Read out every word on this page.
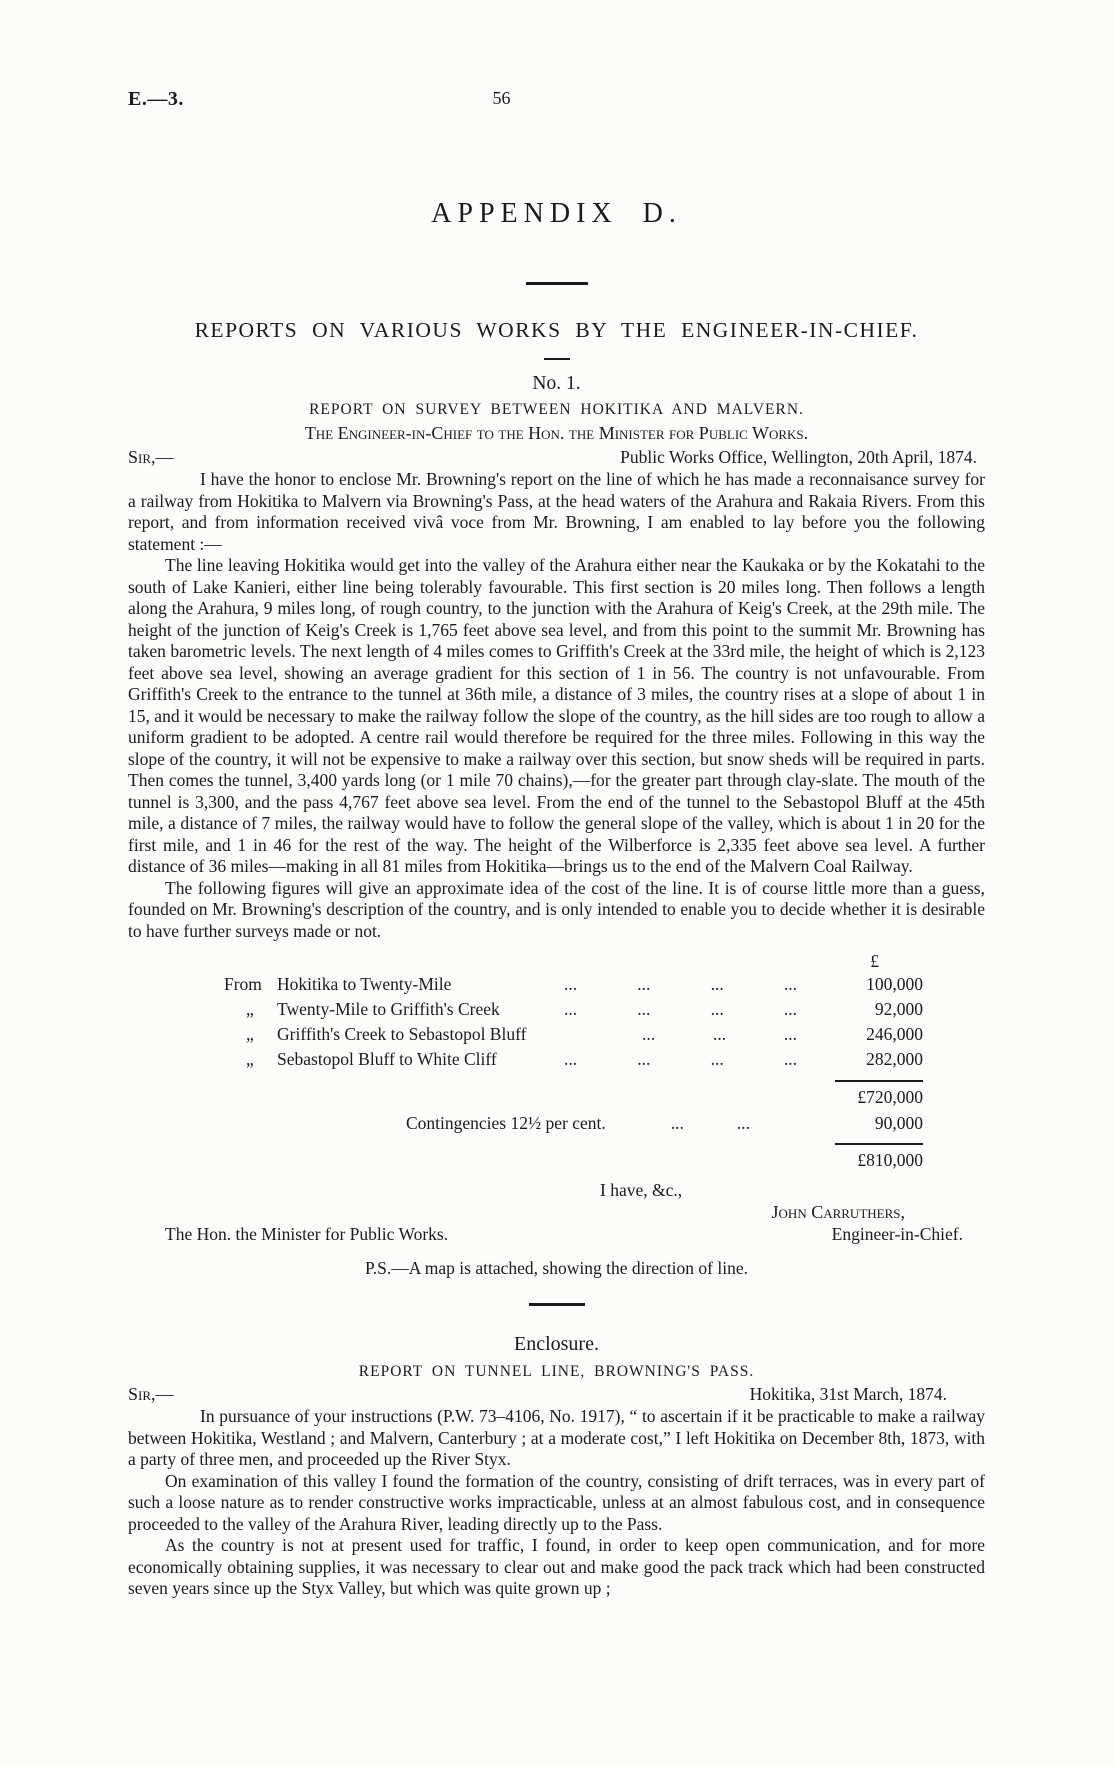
E.—3.	56
APPENDIX D.
REPORTS ON VARIOUS WORKS BY THE ENGINEER-IN-CHIEF.
No. 1.
REPORT ON SURVEY BETWEEN HOKITIKA AND MALVERN.
The Engineer-in-Chief to the Hon. the Minister for Public Works.
Sir,—	Public Works Office, Wellington, 20th April, 1874.

I have the honor to enclose Mr. Browning's report on the line of which he has made a reconnaisance survey for a railway from Hokitika to Malvern via Browning's Pass, at the head waters of the Arahura and Rakaia Rivers. From this report, and from information received vivâ voce from Mr. Browning, I am enabled to lay before you the following statement :—

The line leaving Hokitika would get into the valley of the Arahura either near the Kaukaka or by the Kokatahi to the south of Lake Kanieri, either line being tolerably favourable. This first section is 20 miles long. Then follows a length along the Arahura, 9 miles long, of rough country, to the junction with the Arahura of Keig's Creek, at the 29th mile. The height of the junction of Keig's Creek is 1,765 feet above sea level, and from this point to the summit Mr. Browning has taken barometric levels. The next length of 4 miles comes to Griffith's Creek at the 33rd mile, the height of which is 2,123 feet above sea level, showing an average gradient for this section of 1 in 56. The country is not unfavourable. From Griffith's Creek to the entrance to the tunnel at 36th mile, a distance of 3 miles, the country rises at a slope of about 1 in 15, and it would be necessary to make the railway follow the slope of the country, as the hill sides are too rough to allow a uniform gradient to be adopted. A centre rail would therefore be required for the three miles. Following in this way the slope of the country, it will not be expensive to make a railway over this section, but snow sheds will be required in parts. Then comes the tunnel, 3,400 yards long (or 1 mile 70 chains),—for the greater part through clay-slate. The mouth of the tunnel is 3,300, and the pass 4,767 feet above sea level. From the end of the tunnel to the Sebastopol Bluff at the 45th mile, a distance of 7 miles, the railway would have to follow the general slope of the valley, which is about 1 in 20 for the first mile, and 1 in 46 for the rest of the way. The height of the Wilberforce is 2,335 feet above sea level. A further distance of 36 miles—making in all 81 miles from Hokitika—brings us to the end of the Malvern Coal Railway.

The following figures will give an approximate idea of the cost of the line. It is of course little more than a guess, founded on Mr. Browning's description of the country, and is only intended to enable you to decide whether it is desirable to have further surveys made or not.

£
From Hokitika to Twenty-Mile	...	...	...	...	100,000
„	Twenty-Mile to Griffith's Creek	...	...	...	...	92,000
„	Griffith's Creek to Sebastopol Bluff	...	...	...	246,000
„	Sebastopol Bluff to White Cliff	...	...	...	...	282,000
£720,000
Contingencies 12½ per cent.	...	...	90,000
£810,000
I have, &c.,
John Carruthers,
The Hon. the Minister for Public Works.	Engineer-in-Chief.
P.S.—A map is attached, showing the direction of line.
Enclosure.
REPORT ON TUNNEL LINE, BROWNING'S PASS.
Sir,—	Hokitika, 31st March, 1874.

In pursuance of your instructions (P.W. 73–4106, No. 1917), “ to ascertain if it be practicable to make a railway between Hokitika, Westland ; and Malvern, Canterbury ; at a moderate cost,” I left Hokitika on December 8th, 1873, with a party of three men, and proceeded up the River Styx.

On examination of this valley I found the formation of the country, consisting of drift terraces, was in every part of such a loose nature as to render constructive works impracticable, unless at an almost fabulous cost, and in consequence proceeded to the valley of the Arahura River, leading directly up to the Pass.

As the country is not at present used for traffic, I found, in order to keep open communication, and for more economically obtaining supplies, it was necessary to clear out and make good the pack track which had been constructed seven years since up the Styx Valley, but which was quite grown up ;
